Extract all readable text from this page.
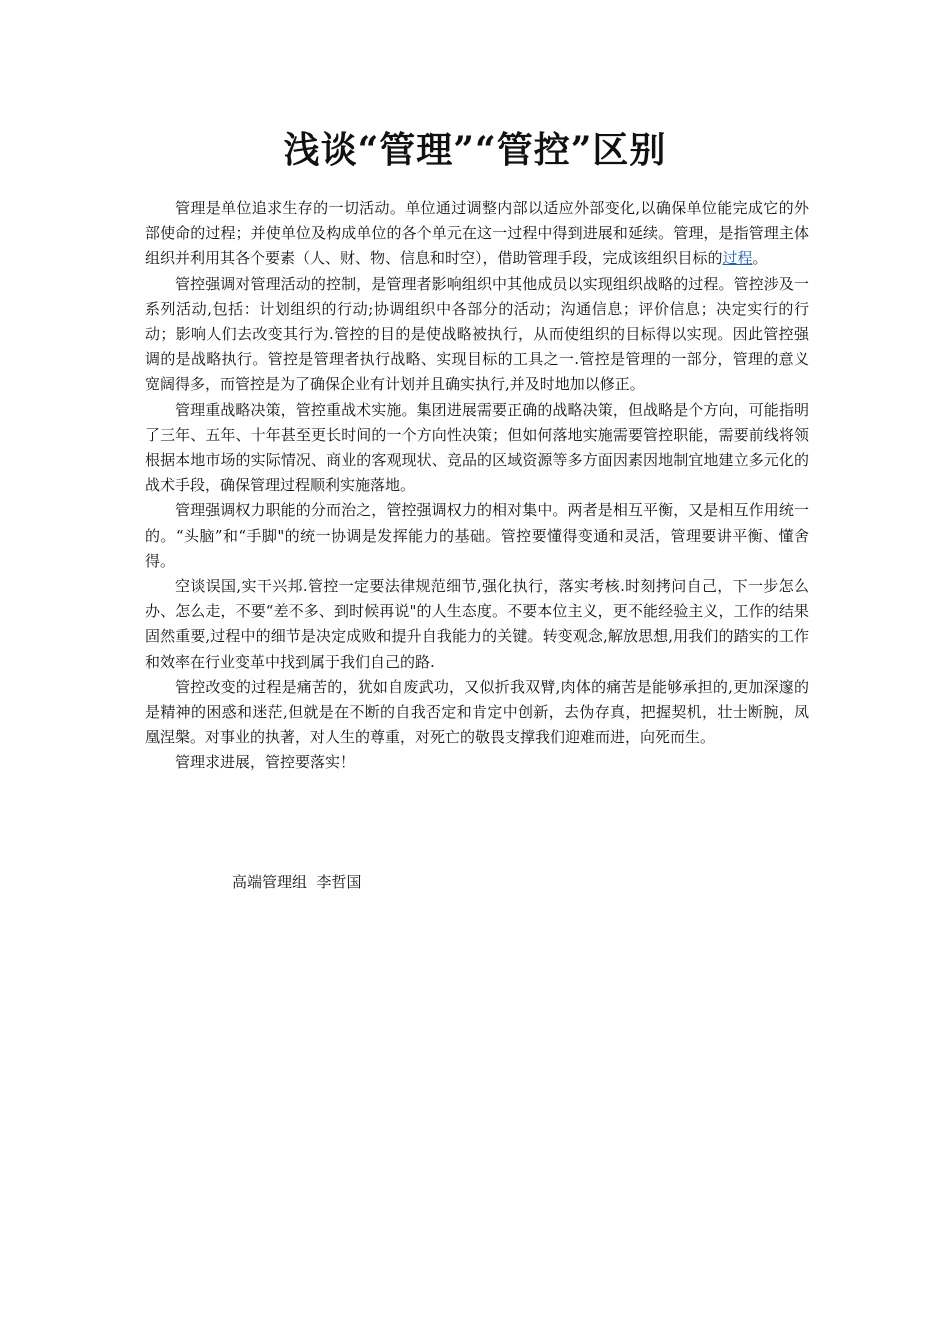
浅谈“管理”“管控”区别

管理是单位追求生存的一切活动。单位通过调整内部以适应外部变化,以确保单位能完成它的外部使命的过程；并使单位及构成单位的各个单元在这一过程中得到进展和延续。管理，是指管理主体组织并利用其各个要素（人、财、物、信息和时空），借助管理手段，完成该组织目标的过程。

管控强调对管理活动的控制，是管理者影响组织中其他成员以实现组织战略的过程。管控涉及一系列活动,包括：计划组织的行动;协调组织中各部分的活动；沟通信息；评价信息；决定实行的行动；影响人们去改变其行为.管控的目的是使战略被执行，从而使组织的目标得以实现。因此管控强调的是战略执行。管控是管理者执行战略、实现目标的工具之一.管控是管理的一部分，管理的意义宽阔得多，而管控是为了确保企业有计划并且确实执行,并及时地加以修正。

管理重战略决策，管控重战术实施。集团进展需要正确的战略决策，但战略是个方向，可能指明了三年、五年、十年甚至更长时间的一个方向性决策；但如何落地实施需要管控职能，需要前线将领根据本地市场的实际情况、商业的客观现状、竞品的区域资源等多方面因素因地制宜地建立多元化的战术手段，确保管理过程顺利实施落地。

管理强调权力职能的分而治之，管控强调权力的相对集中。两者是相互平衡，又是相互作用统一的。“头脑”和“手脚"的统一协调是发挥能力的基础。管控要懂得变通和灵活，管理要讲平衡、懂舍得。

空谈误国,实干兴邦.管控一定要法律规范细节,强化执行，落实考核.时刻拷问自己，下一步怎么办、怎么走，不要“差不多、到时候再说"的人生态度。不要本位主义，更不能经验主义，工作的结果固然重要,过程中的细节是决定成败和提升自我能力的关键。转变观念,解放思想,用我们的踏实的工作和效率在行业变革中找到属于我们自己的路.

管控改变的过程是痛苦的，犹如自废武功，又似折我双臂,肉体的痛苦是能够承担的,更加深邃的是精神的困惑和迷茫,但就是在不断的自我否定和肯定中创新，去伪存真，把握契机，壮士断腕，凤凰涅槃。对事业的执著，对人生的尊重，对死亡的敬畏支撑我们迎难而进，向死而生。

管理求进展，管控要落实！

高端管理组  李哲国
